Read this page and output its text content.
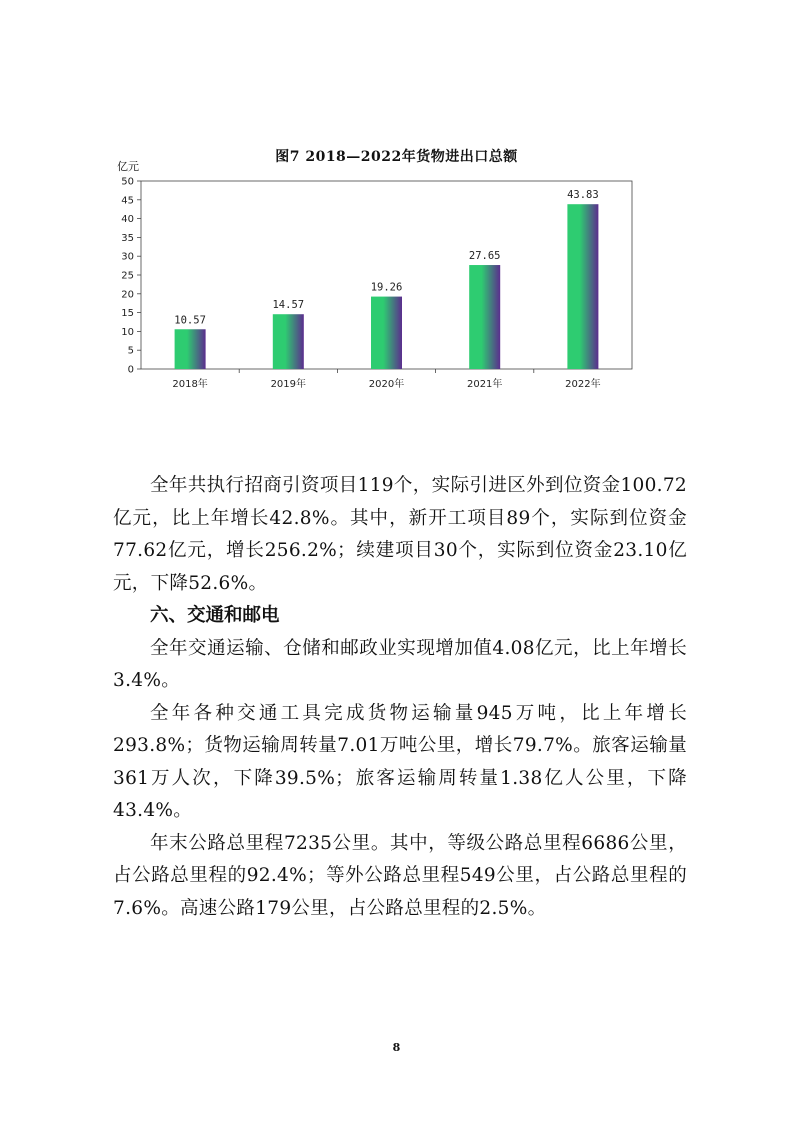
图7 2018—2022年货物进出口总额
亿元
0
5
10
15
20
25
30
35
40
45
50
10.57
2018年
14.57
2019年
19.26
2020年
27.65
2021年
43.83
2022年

全年共执行招商引资项目119个，实际引进区外到位资金100.72亿元，比上年增长42.8%。其中，新开工项目89个，实际到位资金77.62亿元，增长256.2%；续建项目30个，实际到位资金23.10亿元，下降52.6%。

六、交通和邮电

全年交通运输、仓储和邮政业实现增加值4.08亿元，比上年增长3.4%。

全年各种交通工具完成货物运输量945万吨，比上年增长293.8%；货物运输周转量7.01万吨公里，增长79.7%。旅客运输量361万人次，下降39.5%；旅客运输周转量1.38亿人公里，下降43.4%。

年末公路总里程7235公里。其中，等级公路总里程6686公里，占公路总里程的92.4%；等外公路总里程549公里，占公路总里程的7.6%。高速公路179公里，占公路总里程的2.5%。

8
